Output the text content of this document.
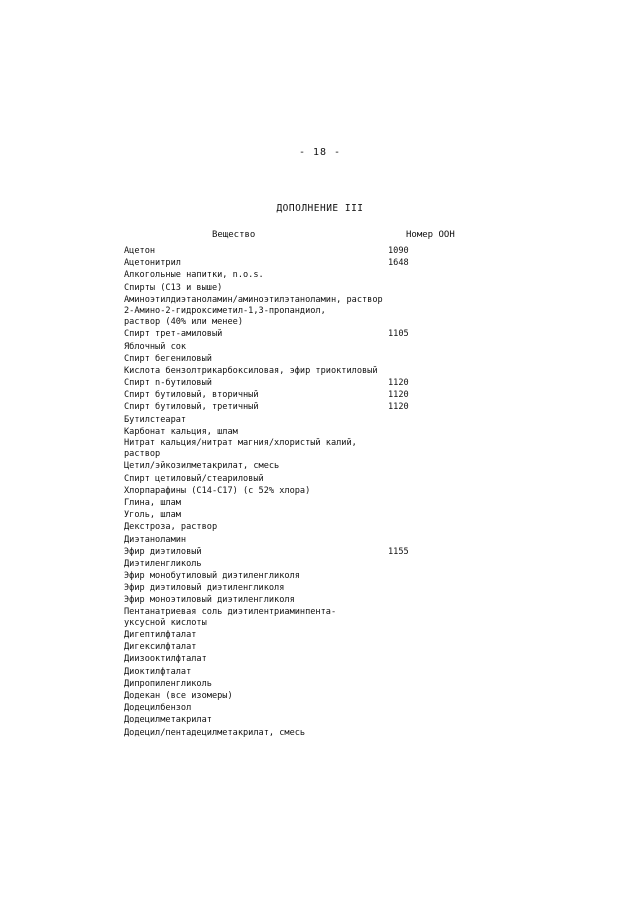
- 18 -
ДОПОЛНЕНИЕ III
Вещество	Номер ООН
Ацетон	1090
Ацетонитрил	1648
Алкогольные напитки, n.o.s.
Спирты (C13 и выше)
Аминоэтилдиэтаноламин/аминоэтилэтаноламин, раствор
2-Амино-2-гидроксиметил-1,3-пропандиол,
раствор (40% или менее)
Спирт трет-амиловый	1105
Яблочный сок
Спирт бегениловый
Кислота бензолтрикарбоксиловая, эфир триоктиловый
Спирт n-бутиловый	1120
Спирт бутиловый, вторичный	1120
Спирт бутиловый, третичный	1120
Бутилстеарат
Карбонат кальция, шлам
Нитрат кальция/нитрат магния/хлористый калий,
раствор
Цетил/эйкозилметакрилат, смесь
Спирт цетиловый/стеариловый
Хлорпарафины (C14-C17) (с 52% хлора)
Глина, шлам
Уголь, шлам
Декстроза, раствор
Диэтаноламин
Эфир диэтиловый	1155
Диэтиленгликоль
Эфир монобутиловый диэтиленгликоля
Эфир диэтиловый диэтиленгликоля
Эфир моноэтиловый диэтиленгликоля
Пентанатриевая соль диэтилентриаминпента-
уксусной кислоты
Дигептилфталат
Дигексилфталат
Диизооктилфталат
Диоктилфталат
Дипропиленгликоль
Додекан (все изомеры)
Додецилбензол
Додецилметакрилат
Додецил/пентадецилметакрилат, смесь
